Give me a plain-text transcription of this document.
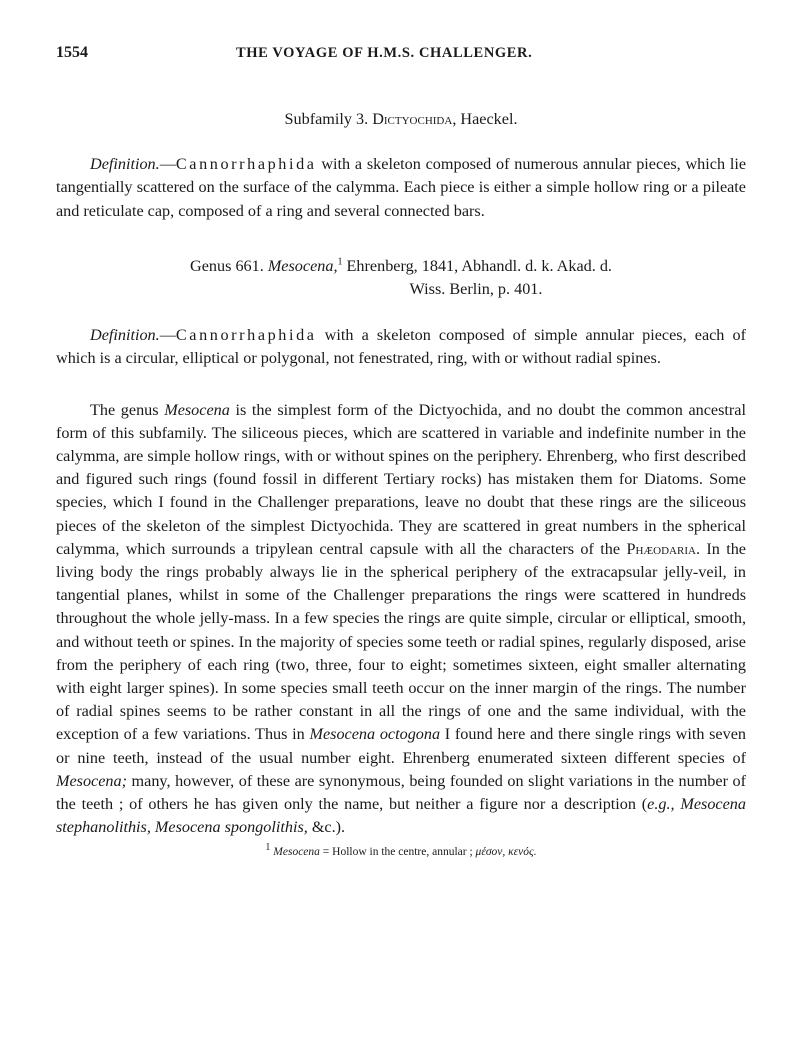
1554	THE VOYAGE OF H.M.S. CHALLENGER.
Subfamily 3. Dictyochida, Haeckel.

Definition.—Cannorrhaphida with a skeleton composed of numerous annular pieces, which lie tangentially scattered on the surface of the calymma. Each piece is either a simple hollow ring or a pileate and reticulate cap, composed of a ring and several connected bars.

Genus 661. Mesocena,$^1$ Ehrenberg, 1841, Abhandl. d. k. Akad. d.
Wiss. Berlin, p. 401.

Definition.—Cannorrhaphida with a skeleton composed of simple annular pieces, each of which is a circular, elliptical or polygonal, not fenestrated, ring, with or without radial spines.

The genus Mesocena is the simplest form of the Dictyochida, and no doubt the common ancestral form of this subfamily. The siliceous pieces, which are scattered in variable and indefinite number in the calymma, are simple hollow rings, with or without spines on the periphery. Ehrenberg, who first described and figured such rings (found fossil in different Tertiary rocks) has mistaken them for Diatoms. Some species, which I found in the Challenger preparations, leave no doubt that these rings are the siliceous pieces of the skeleton of the simplest Dictyochida. They are scattered in great numbers in the spherical calymma, which surrounds a tripylean central capsule with all the characters of the Phæodaria. In the living body the rings probably always lie in the spherical periphery of the extracapsular jelly-veil, in tangential planes, whilst in some of the Challenger preparations the rings were scattered in hundreds throughout the whole jelly-mass. In a few species the rings are quite simple, circular or elliptical, smooth, and without teeth or spines. In the majority of species some teeth or radial spines, regularly disposed, arise from the periphery of each ring (two, three, four to eight; sometimes sixteen, eight smaller alternating with eight larger spines). In some species small teeth occur on the inner margin of the rings. The number of radial spines seems to be rather constant in all the rings of one and the same individual, with the exception of a few variations. Thus in Mesocena octogona I found here and there single rings with seven or nine teeth, instead of the usual number eight. Ehrenberg enumerated sixteen different species of Mesocena; many, however, of these are synonymous, being founded on slight variations in the number of the teeth ; of others he has given only the name, but neither a figure nor a description (e.g., Mesocena stephanolithis, Mesocena spongolithis, &c.).

$^1$ Mesocena = Hollow in the centre, annular ; μέσον, κενός.
